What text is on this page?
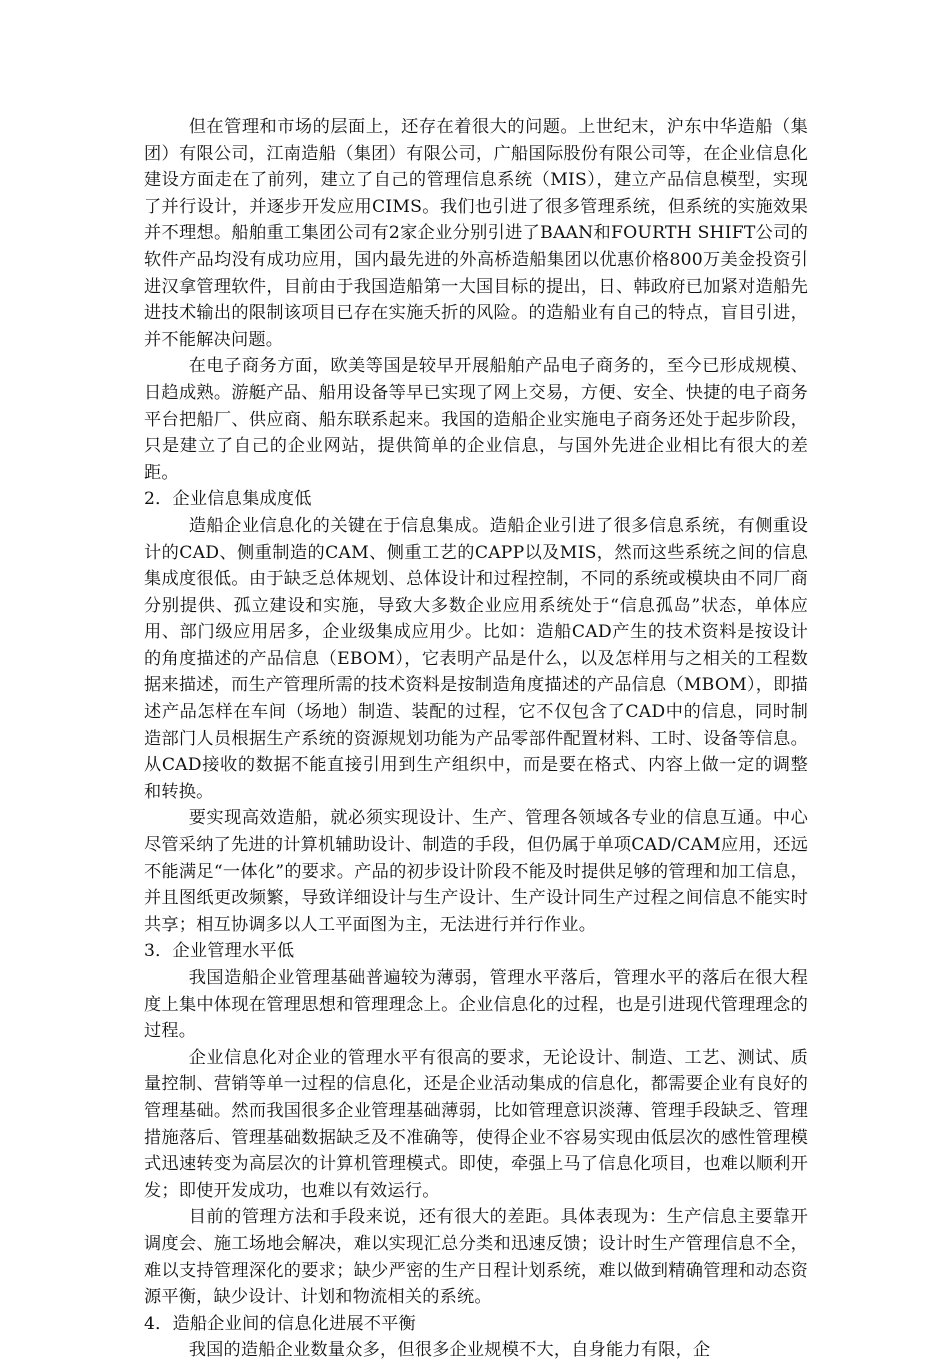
但在管理和市场的层面上，还存在着很大的问题。上世纪末，沪东中华造船（集团）有限公司，江南造船（集团）有限公司，广船国际股份有限公司等，在企业信息化建设方面走在了前列，建立了自己的管理信息系统（MIS），建立产品信息模型，实现了并行设计，并逐步开发应用CIMS。我们也引进了很多管理系统，但系统的实施效果并不理想。船舶重工集团公司有2家企业分别引进了BAAN和FOURTH SHIFT公司的软件产品均没有成功应用，国内最先进的外高桥造船集团以优惠价格800万美金投资引进汉拿管理软件，目前由于我国造船第一大国目标的提出，日、韩政府已加紧对造船先进技术输出的限制该项目已存在实施夭折的风险。的造船业有自己的特点，盲目引进，并不能解决问题。

在电子商务方面，欧美等国是较早开展船舶产品电子商务的，至今已形成规模、日趋成熟。游艇产品、船用设备等早已实现了网上交易，方便、安全、快捷的电子商务平台把船厂、供应商、船东联系起来。我国的造船企业实施电子商务还处于起步阶段，只是建立了自己的企业网站，提供简单的企业信息，与国外先进企业相比有很大的差距。

2．企业信息集成度低

造船企业信息化的关键在于信息集成。造船企业引进了很多信息系统，有侧重设计的CAD、侧重制造的CAM、侧重工艺的CAPP以及MIS，然而这些系统之间的信息集成度很低。由于缺乏总体规划、总体设计和过程控制，不同的系统或模块由不同厂商分别提供、孤立建设和实施，导致大多数企业应用系统处于“信息孤岛”状态，单体应用、部门级应用居多，企业级集成应用少。比如：造船CAD产生的技术资料是按设计的角度描述的产品信息（EBOM），它表明产品是什么，以及怎样用与之相关的工程数据来描述，而生产管理所需的技术资料是按制造角度描述的产品信息（MBOM），即描述产品怎样在车间（场地）制造、装配的过程，它不仅包含了CAD中的信息，同时制造部门人员根据生产系统的资源规划功能为产品零部件配置材料、工时、设备等信息。从CAD接收的数据不能直接引用到生产组织中，而是要在格式、内容上做一定的调整和转换。

要实现高效造船，就必须实现设计、生产、管理各领域各专业的信息互通。中心尽管采纳了先进的计算机辅助设计、制造的手段，但仍属于单项CAD/CAM应用，还远不能满足“一体化”的要求。产品的初步设计阶段不能及时提供足够的管理和加工信息，并且图纸更改频繁，导致详细设计与生产设计、生产设计同生产过程之间信息不能实时共享；相互协调多以人工平面图为主，无法进行并行作业。

3．企业管理水平低

我国造船企业管理基础普遍较为薄弱，管理水平落后，管理水平的落后在很大程度上集中体现在管理思想和管理理念上。企业信息化的过程，也是引进现代管理理念的过程。

企业信息化对企业的管理水平有很高的要求，无论设计、制造、工艺、测试、质量控制、营销等单一过程的信息化，还是企业活动集成的信息化，都需要企业有良好的管理基础。然而我国很多企业管理基础薄弱，比如管理意识淡薄、管理手段缺乏、管理措施落后、管理基础数据缺乏及不准确等，使得企业不容易实现由低层次的感性管理模式迅速转变为高层次的计算机管理模式。即使，牵强上马了信息化项目，也难以顺利开发；即使开发成功，也难以有效运行。

目前的管理方法和手段来说，还有很大的差距。具体表现为：生产信息主要靠开调度会、施工场地会解决，难以实现汇总分类和迅速反馈；设计时生产管理信息不全，难以支持管理深化的要求；缺少严密的生产日程计划系统，难以做到精确管理和动态资源平衡，缺少设计、计划和物流相关的系统。

4．造船企业间的信息化进展不平衡

我国的造船企业数量众多，但很多企业规模不大，自身能力有限，企
